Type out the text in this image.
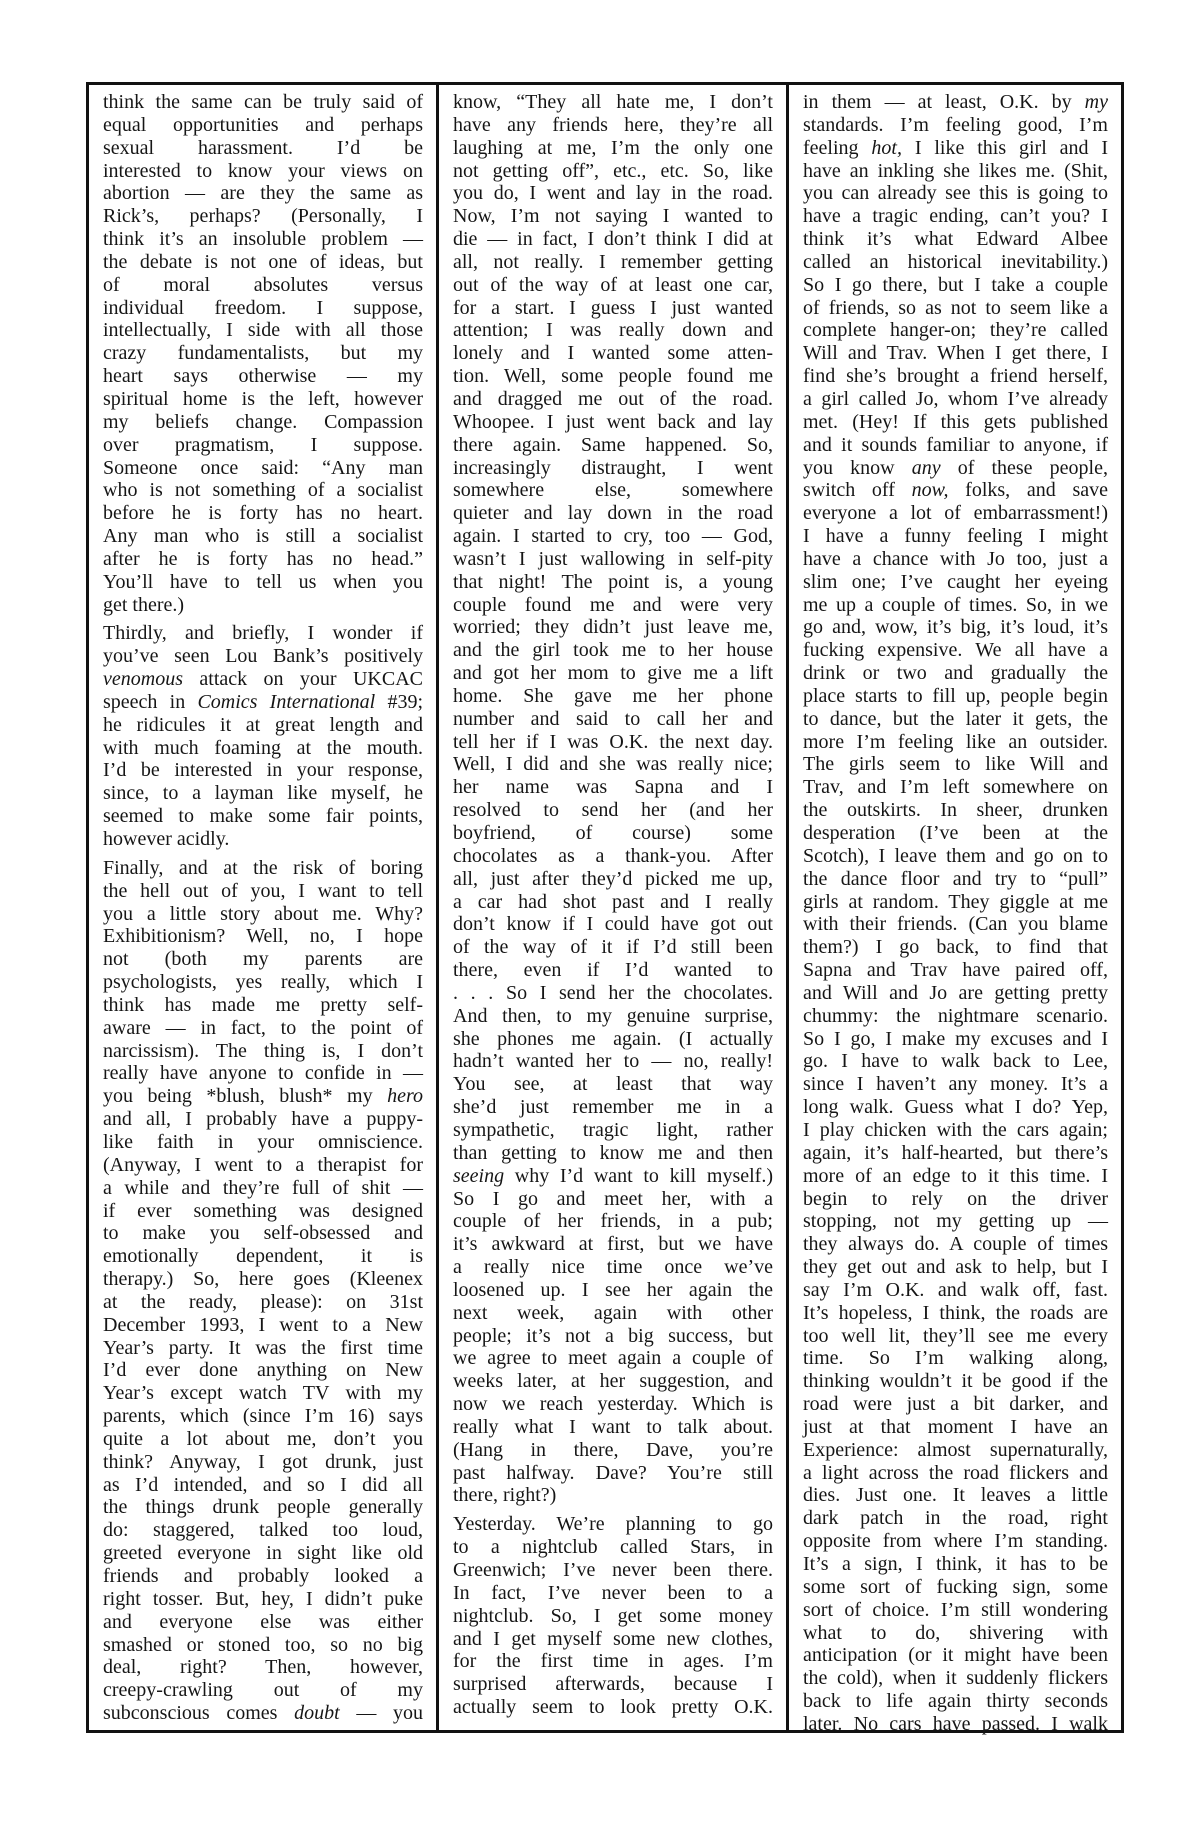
think the same can be truly said of
equal opportunities and perhaps
sexual harassment. I’d be
interested to know your views on
abortion — are they the same as
Rick’s, perhaps? (Personally, I
think it’s an insoluble problem —
the debate is not one of ideas, but
of moral absolutes versus
individual freedom. I suppose,
intellectually, I side with all those
crazy fundamentalists, but my
heart says otherwise — my
spiritual home is the left, however
my beliefs change. Compassion
over pragmatism, I suppose.
Someone once said: “Any man
who is not something of a socialist
before he is forty has no heart.
Any man who is still a socialist
after he is forty has no head.”
You’ll have to tell us when you
get there.)
Thirdly, and briefly, I wonder if
you’ve seen Lou Bank’s positively
venomous attack on your UKCAC
speech in Comics International #39;
he ridicules it at great length and
with much foaming at the mouth.
I’d be interested in your response,
since, to a layman like myself, he
seemed to make some fair points,
however acidly.
Finally, and at the risk of boring
the hell out of you, I want to tell
you a little story about me. Why?
Exhibitionism? Well, no, I hope
not (both my parents are
psychologists, yes really, which I
think has made me pretty self-
aware — in fact, to the point of
narcissism). The thing is, I don’t
really have anyone to confide in —
you being *blush, blush* my hero
and all, I probably have a puppy-
like faith in your omniscience.
(Anyway, I went to a therapist for
a while and they’re full of shit —
if ever something was designed
to make you self-obsessed and
emotionally dependent, it is
therapy.) So, here goes (Kleenex
at the ready, please): on 31st
December 1993, I went to a New
Year’s party. It was the first time
I’d ever done anything on New
Year’s except watch TV with my
parents, which (since I’m 16) says
quite a lot about me, don’t you
think? Anyway, I got drunk, just
as I’d intended, and so I did all
the things drunk people generally
do: staggered, talked too loud,
greeted everyone in sight like old
friends and probably looked a
right tosser. But, hey, I didn’t puke
and everyone else was either
smashed or stoned too, so no big
deal, right? Then, however,
creepy-crawling out of my
subconscious comes doubt — you
know, “They all hate me, I don’t
have any friends here, they’re all
laughing at me, I’m the only one
not getting off”, etc., etc. So, like
you do, I went and lay in the road.
Now, I’m not saying I wanted to
die — in fact, I don’t think I did at
all, not really. I remember getting
out of the way of at least one car,
for a start. I guess I just wanted
attention; I was really down and
lonely and I wanted some atten-
tion. Well, some people found me
and dragged me out of the road.
Whoopee. I just went back and lay
there again. Same happened. So,
increasingly distraught, I went
somewhere else, somewhere
quieter and lay down in the road
again. I started to cry, too — God,
wasn’t I just wallowing in self-pity
that night! The point is, a young
couple found me and were very
worried; they didn’t just leave me,
and the girl took me to her house
and got her mom to give me a lift
home. She gave me her phone
number and said to call her and
tell her if I was O.K. the next day.
Well, I did and she was really nice;
her name was Sapna and I
resolved to send her (and her
boyfriend, of course) some
chocolates as a thank-you. After
all, just after they’d picked me up,
a car had shot past and I really
don’t know if I could have got out
of the way of it if I’d still been
there, even if I’d wanted to
. . . So I send her the chocolates.
And then, to my genuine surprise,
she phones me again. (I actually
hadn’t wanted her to — no, really!
You see, at least that way
she’d just remember me in a
sympathetic, tragic light, rather
than getting to know me and then
seeing why I’d want to kill myself.)
So I go and meet her, with a
couple of her friends, in a pub;
it’s awkward at first, but we have
a really nice time once we’ve
loosened up. I see her again the
next week, again with other
people; it’s not a big success, but
we agree to meet again a couple of
weeks later, at her suggestion, and
now we reach yesterday. Which is
really what I want to talk about.
(Hang in there, Dave, you’re
past halfway. Dave? You’re still
there, right?)
Yesterday. We’re planning to go
to a nightclub called Stars, in
Greenwich; I’ve never been there.
In fact, I’ve never been to a
nightclub. So, I get some money
and I get myself some new clothes,
for the first time in ages. I’m
surprised afterwards, because I
actually seem to look pretty O.K.
in them — at least, O.K. by my
standards. I’m feeling good, I’m
feeling hot, I like this girl and I
have an inkling she likes me. (Shit,
you can already see this is going to
have a tragic ending, can’t you? I
think it’s what Edward Albee
called an historical inevitability.)
So I go there, but I take a couple
of friends, so as not to seem like a
complete hanger-on; they’re called
Will and Trav. When I get there, I
find she’s brought a friend herself,
a girl called Jo, whom I’ve already
met. (Hey! If this gets published
and it sounds familiar to anyone, if
you know any of these people,
switch off now, folks, and save
everyone a lot of embarrassment!)
I have a funny feeling I might
have a chance with Jo too, just a
slim one; I’ve caught her eyeing
me up a couple of times. So, in we
go and, wow, it’s big, it’s loud, it’s
fucking expensive. We all have a
drink or two and gradually the
place starts to fill up, people begin
to dance, but the later it gets, the
more I’m feeling like an outsider.
The girls seem to like Will and
Trav, and I’m left somewhere on
the outskirts. In sheer, drunken
desperation (I’ve been at the
Scotch), I leave them and go on to
the dance floor and try to “pull”
girls at random. They giggle at me
with their friends. (Can you blame
them?) I go back, to find that
Sapna and Trav have paired off,
and Will and Jo are getting pretty
chummy: the nightmare scenario.
So I go, I make my excuses and I
go. I have to walk back to Lee,
since I haven’t any money. It’s a
long walk. Guess what I do? Yep,
I play chicken with the cars again;
again, it’s half-hearted, but there’s
more of an edge to it this time. I
begin to rely on the driver
stopping, not my getting up —
they always do. A couple of times
they get out and ask to help, but I
say I’m O.K. and walk off, fast.
It’s hopeless, I think, the roads are
too well lit, they’ll see me every
time. So I’m walking along,
thinking wouldn’t it be good if the
road were just a bit darker, and
just at that moment I have an
Experience: almost supernaturally,
a light across the road flickers and
dies. Just one. It leaves a little
dark patch in the road, right
opposite from where I’m standing.
It’s a sign, I think, it has to be
some sort of fucking sign, some
sort of choice. I’m still wondering
what to do, shivering with
anticipation (or it might have been
the cold), when it suddenly flickers
back to life again thirty seconds
later. No cars have passed. I walk
